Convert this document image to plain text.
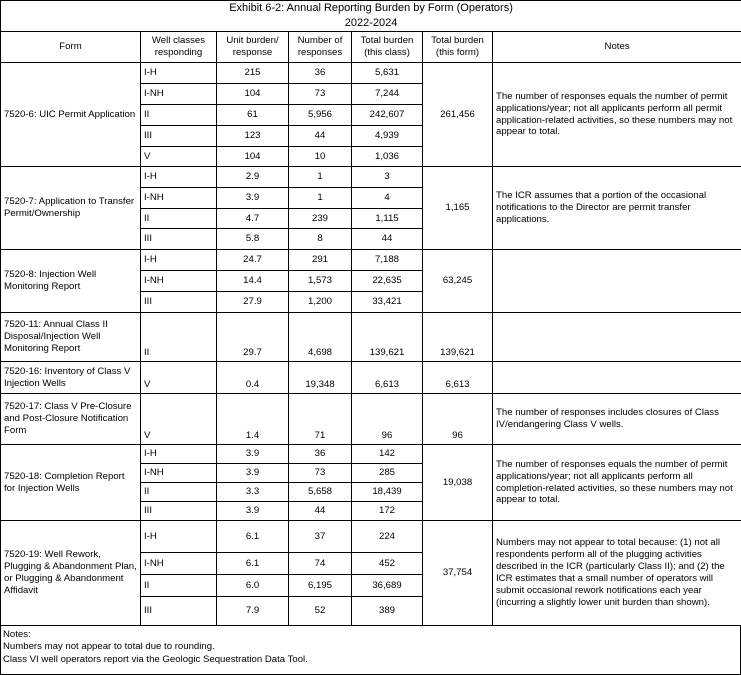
Exhibit 6-2: Annual Reporting Burden by Form (Operators)
2022-2024						

Form	Well classes responding	Unit burden/ response	Number of responses	Total burden (this class)	Total burden (this form)	Notes
7520-6: UIC Permit Application	I-H	215	36	5,631	261,456	The number of responses equals the number of permit applications/year; not all applicants perform all permit application-related activities, so these numbers may not appear to total.
	I-NH	104	73	7,244		
	II	61	5,956	242,607		
	III	123	44	4,939		
	V	104	10	1,036		
7520-7: Application to Transfer Permit/Ownership	I-H	2.9	1	3	1,165	The ICR assumes that a portion of the occasional notifications to the Director are permit transfer applications.
	I-NH	3.9	1	4		
	II	4.7	239	1,115		
	III	5.8	8	44		
7520-8: Injection Well Monitoring Report	I-H	24.7	291	7,188	63,245	
	I-NH	14.4	1,573	22,635		
	III	27.9	1,200	33,421		
7520-11: Annual Class II Disposal/Injection Well Monitoring Report	II	29.7	4,698	139,621	139,621	
7520-16: Inventory of Class V Injection Wells	V	0.4	19,348	6,613	6,613	
7520-17: Class V Pre-Closure and Post-Closure Notification Form	V	1.4	71	96	96	The number of responses includes closures of Class IV/endangering Class V wells.
7520-18: Completion Report for Injection Wells	I-H	3.9	36	142	19,038	The number of responses equals the number of permit applications/year; not all applicants perform all completion-related activities, so these numbers may not appear to total.
	I-NH	3.9	73	285		
	II	3.3	5,658	18,439		
	III	3.9	44	172		
7520-19: Well Rework, Plugging & Abandonment Plan, or Plugging & Abandonment Affidavit	I-H	6.1	37	224	37,754	Numbers may not appear to total because: (1) not all respondents perform all of the plugging activities described in the ICR (particularly Class II); and (2) the ICR estimates that a small number of operators will submit occasional rework notifications each year (incurring a slightly lower unit burden than shown).
	I-NH	6.1	74	452		
	II	6.0	6,195	36,689		
	III	7.9	52	389		
Notes:
Numbers may not appear to total due to rounding.
Class VI well operators report via the Geologic Sequestration Data Tool.
